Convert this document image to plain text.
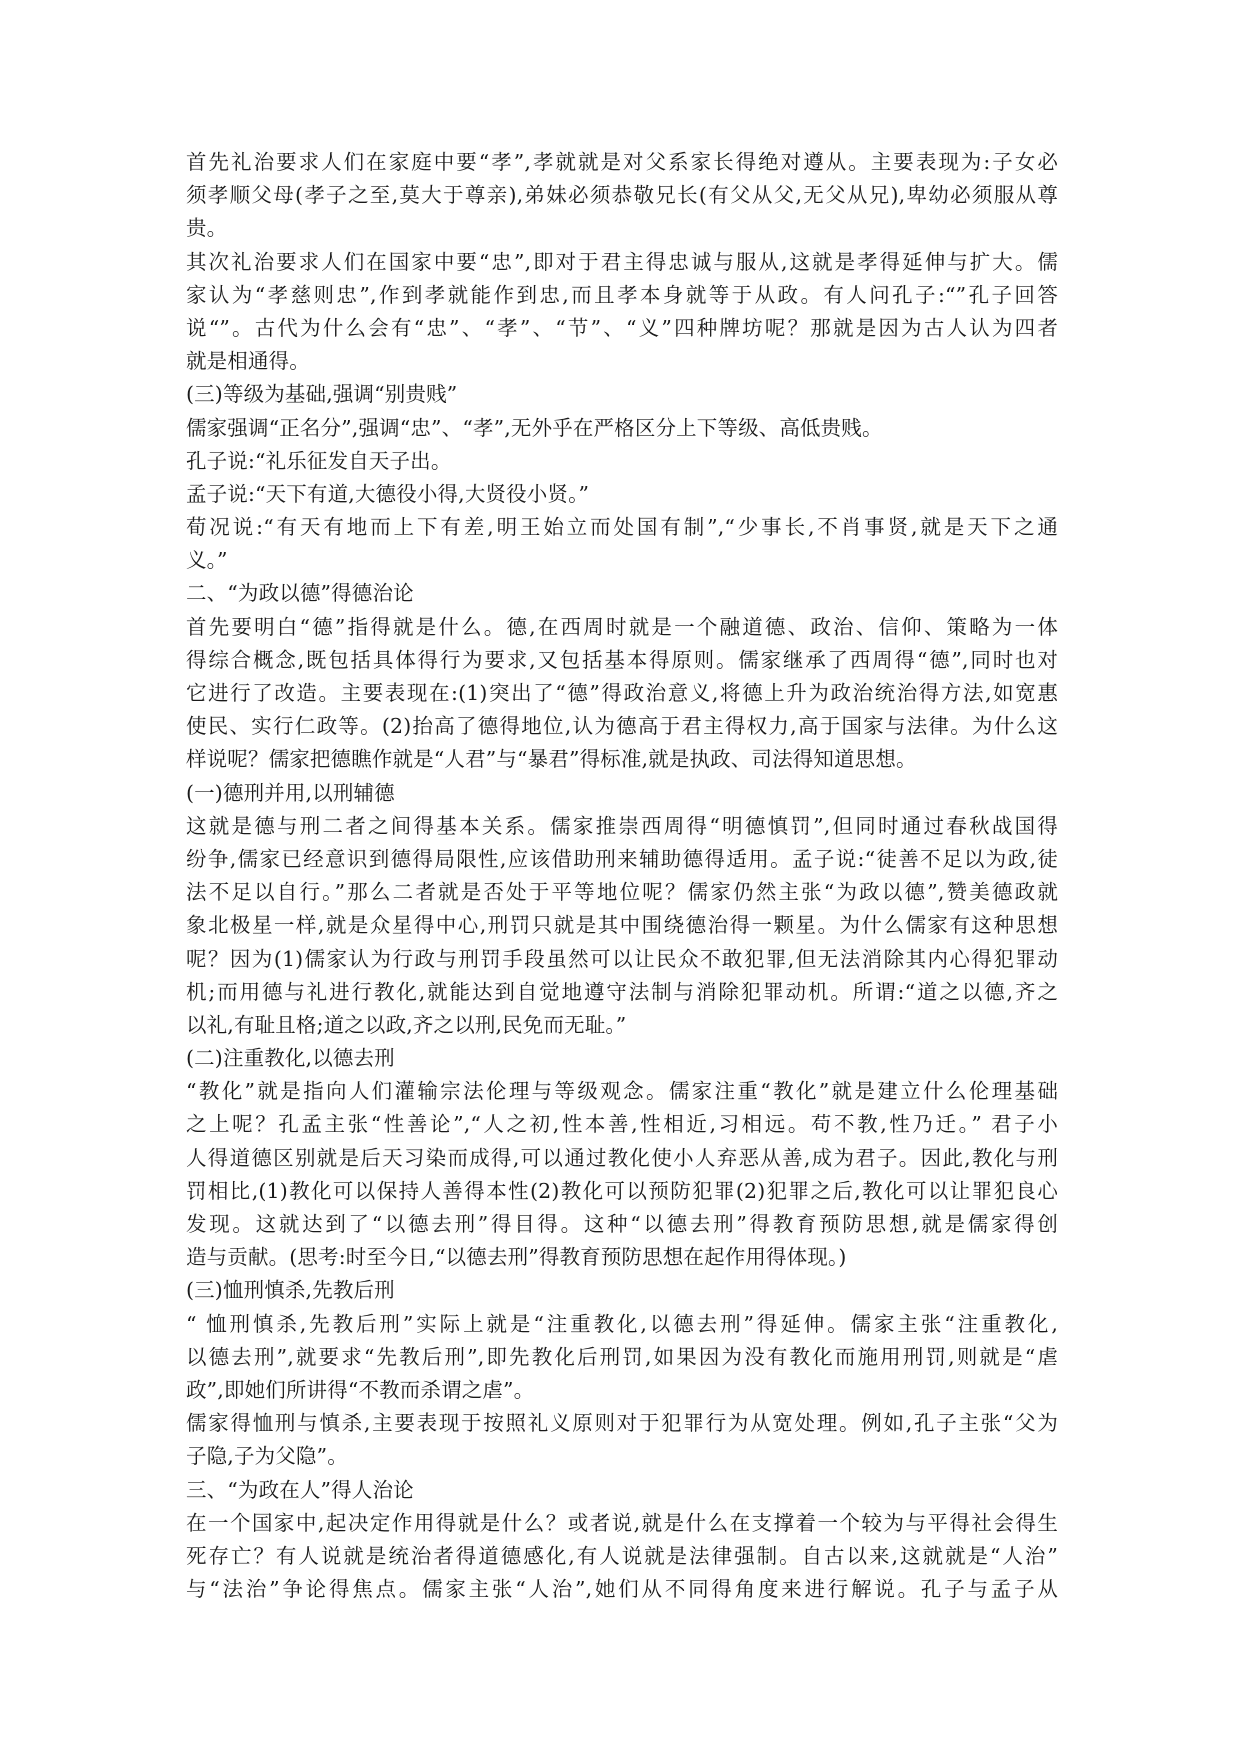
首先礼治要求人们在家庭中要“孝”,孝就就是对父系家长得绝对遵从。主要表现为:子女必
须孝顺父母(孝子之至,莫大于尊亲),弟妹必须恭敬兄长(有父从父,无父从兄),卑幼必须服从尊
贵。
其次礼治要求人们在国家中要“忠”,即对于君主得忠诚与服从,这就是孝得延伸与扩大。儒
家认为“孝慈则忠”,作到孝就能作到忠,而且孝本身就等于从政。有人问孔子:“”孔子回答
说“”。古代为什么会有“忠”、“孝”、“节”、“义”四种牌坊呢？那就是因为古人认为四者
就是相通得。
(三)等级为基础,强调“别贵贱”
儒家强调“正名分”,强调“忠”、“孝”,无外乎在严格区分上下等级、高低贵贱。
孔子说:“礼乐征发自天子出。
孟子说:“天下有道,大德役小得,大贤役小贤。”
荀况说:“有天有地而上下有差,明王始立而处国有制”,“少事长,不肖事贤,就是天下之通
义。”
二、“为政以德”得德治论
首先要明白“德”指得就是什么。德,在西周时就是一个融道德、政治、信仰、策略为一体
得综合概念,既包括具体得行为要求,又包括基本得原则。儒家继承了西周得“德”,同时也对
它进行了改造。主要表现在:(1)突出了“德”得政治意义,将德上升为政治统治得方法,如宽惠
使民、实行仁政等。(2)抬高了德得地位,认为德高于君主得权力,高于国家与法律。为什么这
样说呢？儒家把德瞧作就是“人君”与“暴君”得标准,就是执政、司法得知道思想。
(一)德刑并用,以刑辅德
这就是德与刑二者之间得基本关系。儒家推崇西周得“明德慎罚”,但同时通过春秋战国得
纷争,儒家已经意识到德得局限性,应该借助刑来辅助德得适用。孟子说:“徒善不足以为政,徒
法不足以自行。”那么二者就是否处于平等地位呢？儒家仍然主张“为政以德”,赞美德政就
象北极星一样,就是众星得中心,刑罚只就是其中围绕德治得一颗星。为什么儒家有这种思想
呢？因为(1)儒家认为行政与刑罚手段虽然可以让民众不敢犯罪,但无法消除其内心得犯罪动
机;而用德与礼进行教化,就能达到自觉地遵守法制与消除犯罪动机。所谓:“道之以德,齐之
以礼,有耻且格;道之以政,齐之以刑,民免而无耻。”
(二)注重教化,以德去刑
“教化”就是指向人们灌输宗法伦理与等级观念。儒家注重“教化”就是建立什么伦理基础
之上呢？孔孟主张“性善论”,“人之初,性本善,性相近,习相远。苟不教,性乃迁。” 君子小
人得道德区别就是后天习染而成得,可以通过教化使小人弃恶从善,成为君子。因此,教化与刑
罚相比,(1)教化可以保持人善得本性(2)教化可以预防犯罪(2)犯罪之后,教化可以让罪犯良心
发现。这就达到了“以德去刑”得目得。这种“以德去刑”得教育预防思想,就是儒家得创
造与贡献。(思考:时至今日,“以德去刑”得教育预防思想在起作用得体现。)
(三)恤刑慎杀,先教后刑
“ 恤刑慎杀,先教后刑”实际上就是“注重教化,以德去刑”得延伸。儒家主张“注重教化,
以德去刑”,就要求“先教后刑”,即先教化后刑罚,如果因为没有教化而施用刑罚,则就是“虐
政”,即她们所讲得“不教而杀谓之虐”。
儒家得恤刑与慎杀,主要表现于按照礼义原则对于犯罪行为从宽处理。例如,孔子主张“父为
子隐,子为父隐”。
三、“为政在人”得人治论
在一个国家中,起决定作用得就是什么？或者说,就是什么在支撑着一个较为与平得社会得生
死存亡？有人说就是统治者得道德感化,有人说就是法律强制。自古以来,这就就是“人治”
与“法治”争论得焦点。儒家主张“人治”,她们从不同得角度来进行解说。孔子与孟子从
